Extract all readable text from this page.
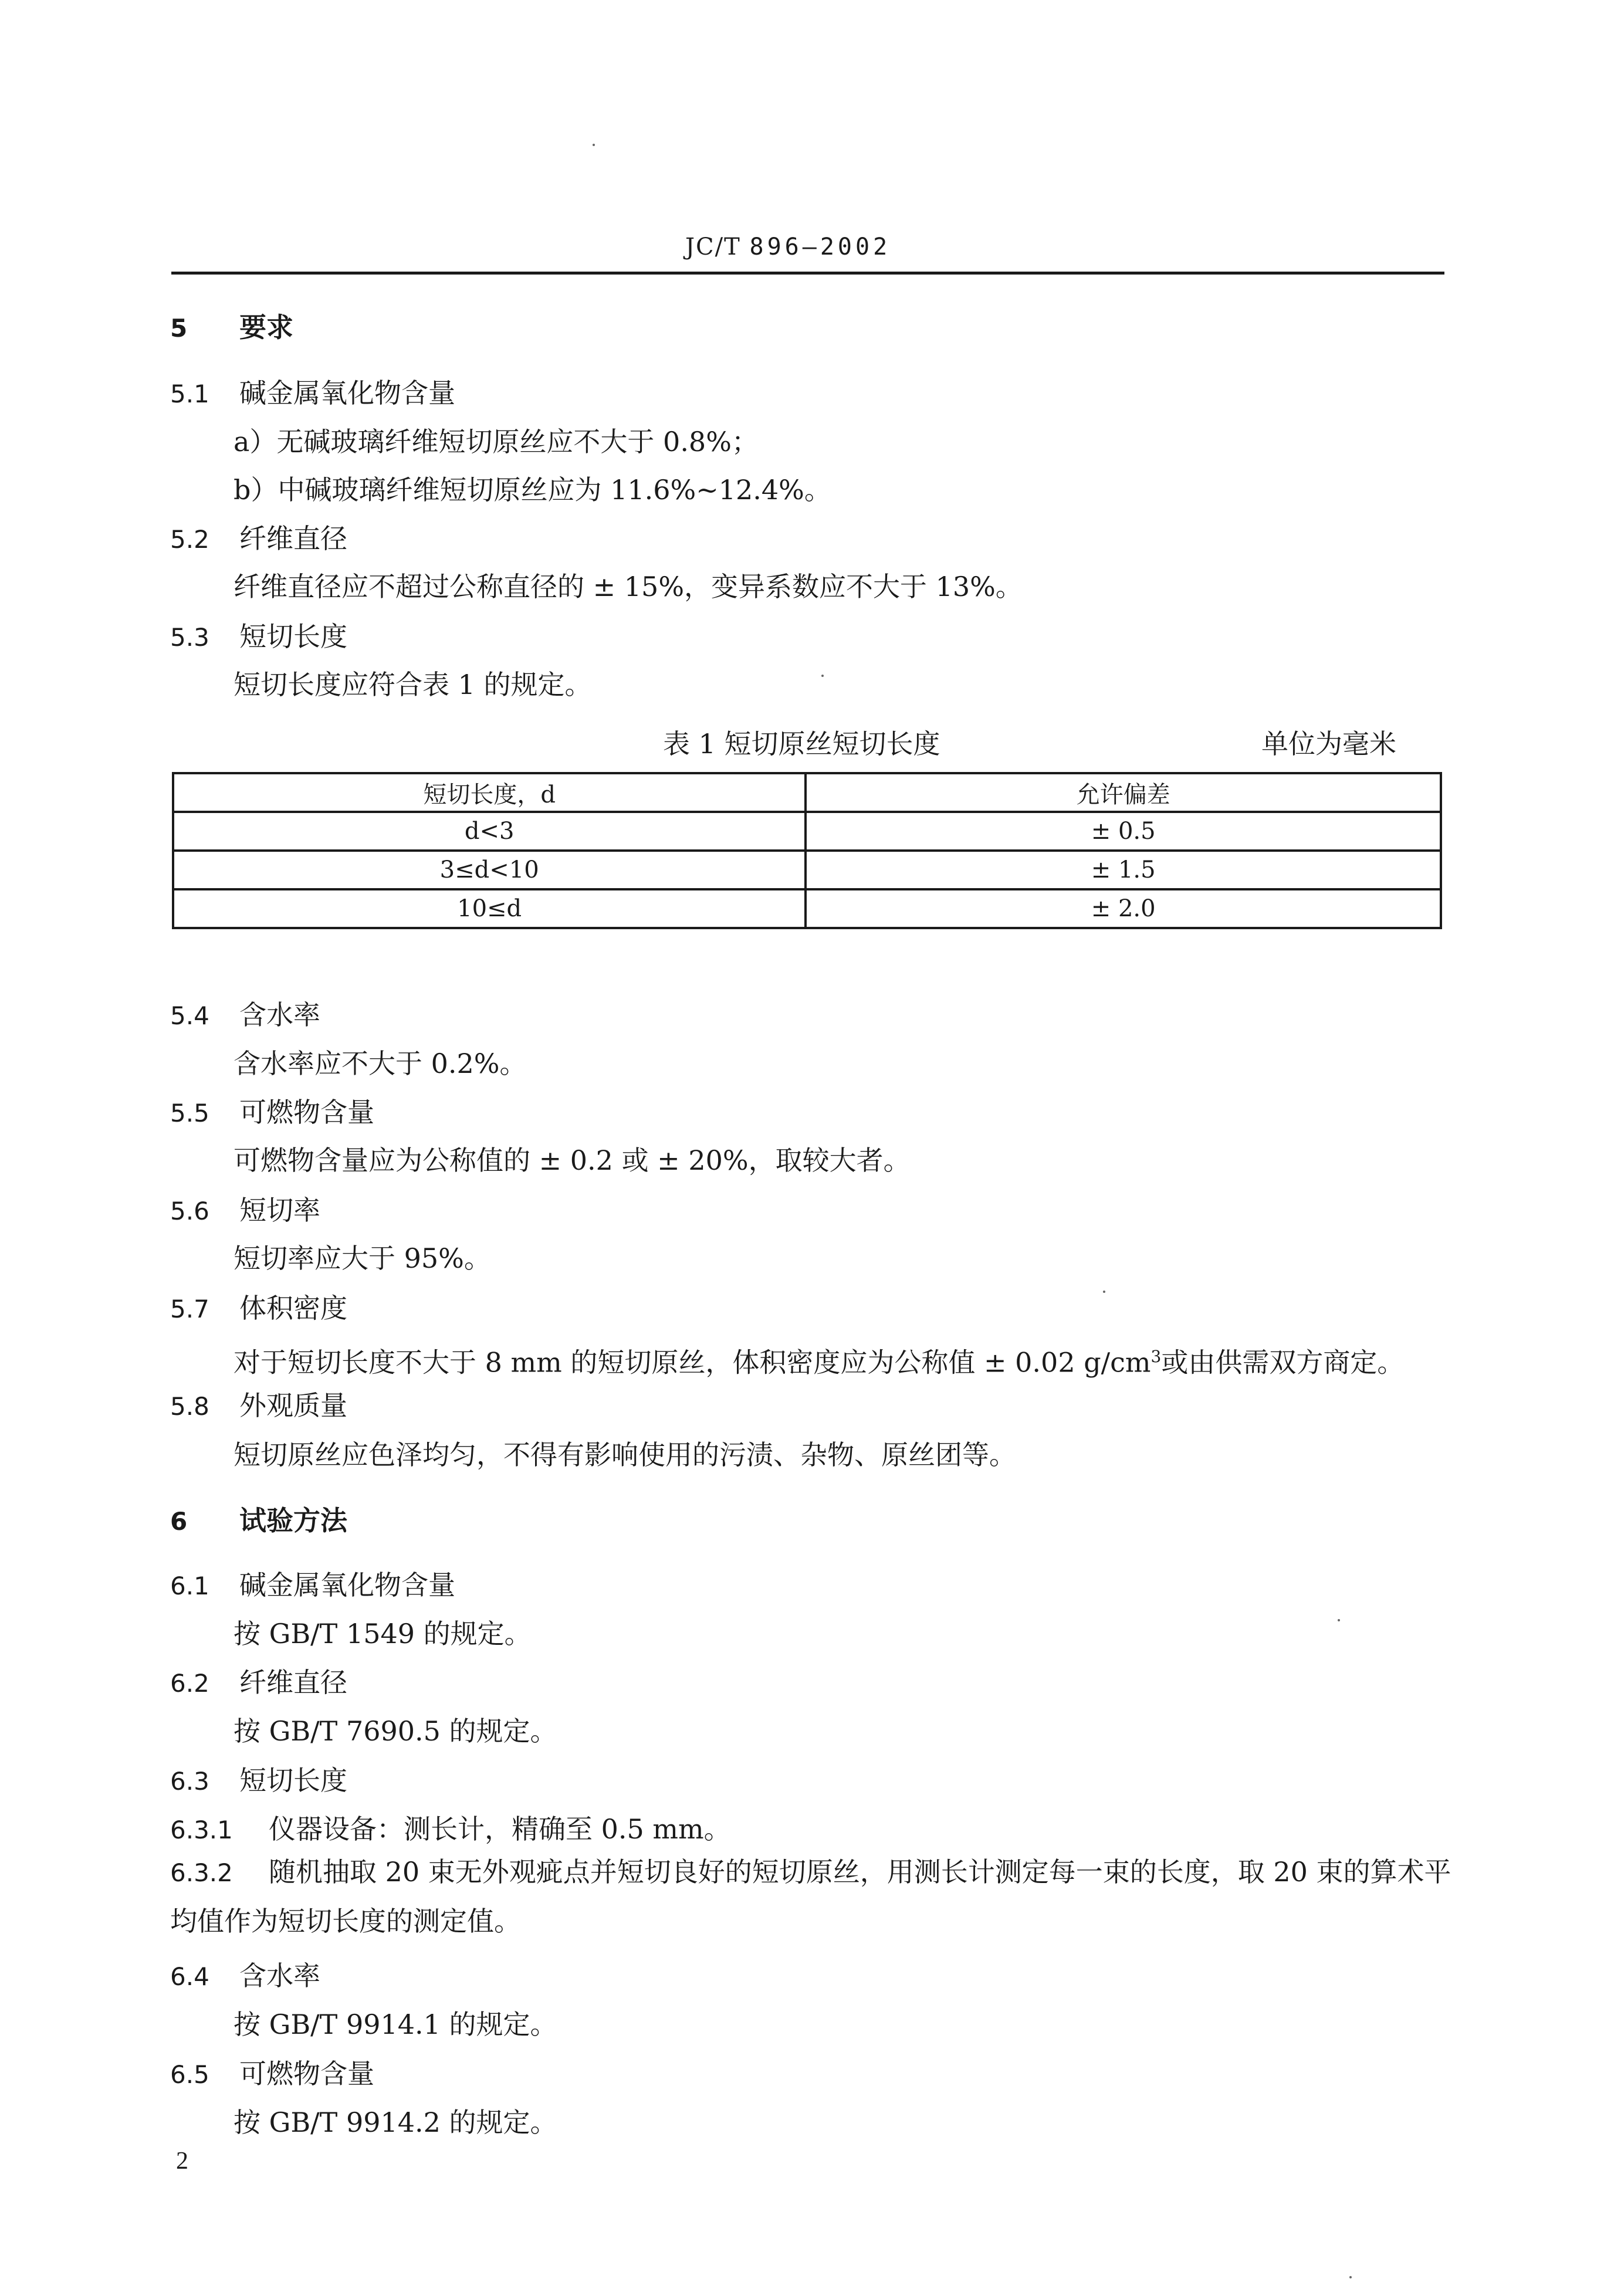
JC/T 896—2002
5 要求
5.1 碱金属氧化物含量
a）无碱玻璃纤维短切原丝应不大于 0.8%；
b）中碱玻璃纤维短切原丝应为 11.6%~12.4%。
5.2 纤维直径
纤维直径应不超过公称直径的 ± 15%，变异系数应不大于 13%。
5.3 短切长度
短切长度应符合表 1 的规定。
表 1 短切原丝短切长度	单位为毫米
短切长度，d	允许偏差
d<3	± 0.5
3≤d<10	± 1.5
10≤d	± 2.0
5.4 含水率
含水率应不大于 0.2%。
5.5 可燃物含量
可燃物含量应为公称值的 ± 0.2 或 ± 20%，取较大者。
5.6 短切率
短切率应大于 95%。
5.7 体积密度
对于短切长度不大于 8 mm 的短切原丝，体积密度应为公称值 ± 0.02 $g/cm^3$或由供需双方商定。
5.8 外观质量
短切原丝应色泽均匀，不得有影响使用的污渍、杂物、原丝团等。
6 试验方法
6.1 碱金属氧化物含量
按 GB/T 1549 的规定。
6.2 纤维直径
按 GB/T 7690.5 的规定。
6.3 短切长度
6.3.1 仪器设备：测长计，精确至 0.5 mm。
6.3.2 随机抽取 20 束无外观疵点并短切良好的短切原丝，用测长计测定每一束的长度，取 20 束的算术平均值作为短切长度的测定值。
6.4 含水率
按 GB/T 9914.1 的规定。
6.5 可燃物含量
按 GB/T 9914.2 的规定。
2
